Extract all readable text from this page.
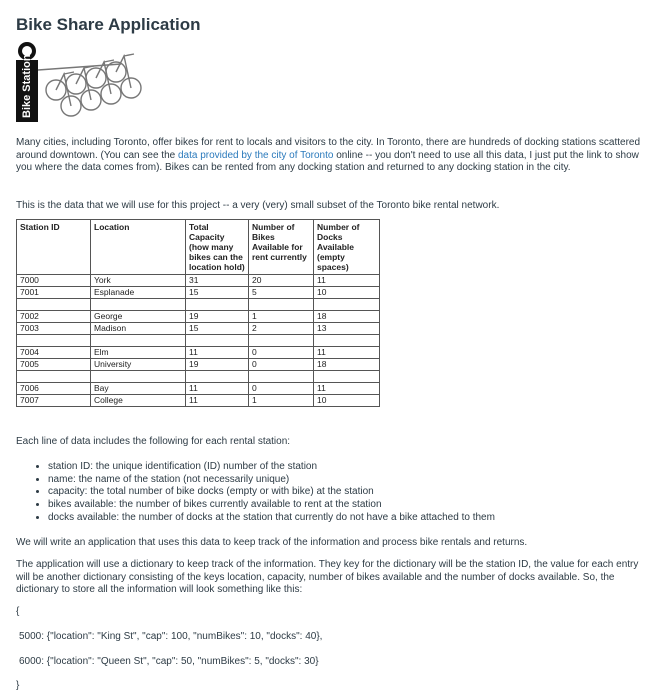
Bike Share Application
Bike Station

Many cities, including Toronto, offer bikes for rent to locals and visitors to the city. In Toronto, there are hundreds of docking stations scattered around downtown. (You can see the data provided by the city of Toronto online -- you don't need to use all this data, I just put the link to show you where the data comes from). Bikes can be rented from any docking station and returned to any docking station in the city.

This is the data that we will use for this project -- a very (very) small subset of the Toronto bike rental network.

Station ID	Location	Total Capacity (how many bikes can the location hold)	Number of Bikes Available for rent currently	Number of Docks Available (empty spaces)
7000	York	31	20	11
7001	Esplanade	15	5	10

7002	George	19	1	18
7003	Madison	15	2	13

7004	Elm	11	0	11
7005	University	19	0	18

7006	Bay	11	0	11
7007	College	11	1	10

Each line of data includes the following for each rental station:

• station ID: the unique identification (ID) number of the station
• name: the name of the station (not necessarily unique)
• capacity: the total number of bike docks (empty or with bike) at the station
• bikes available: the number of bikes currently available to rent at the station
• docks available: the number of docks at the station that currently do not have a bike attached to them

We will write an application that uses this data to keep track of the information and process bike rentals and returns.

The application will use a dictionary to keep track of the information. They key for the dictionary will be the station ID, the value for each entry will be another dictionary consisting of the keys location, capacity, number of bikes available and the number of docks available. So, the dictionary to store all the information will look something like this:

{

5000: {"location": "King St", "cap": 100, "numBikes": 10, "docks": 40},

6000: {"location": "Queen St", "cap": 50, "numBikes": 5, "docks": 30}

}
